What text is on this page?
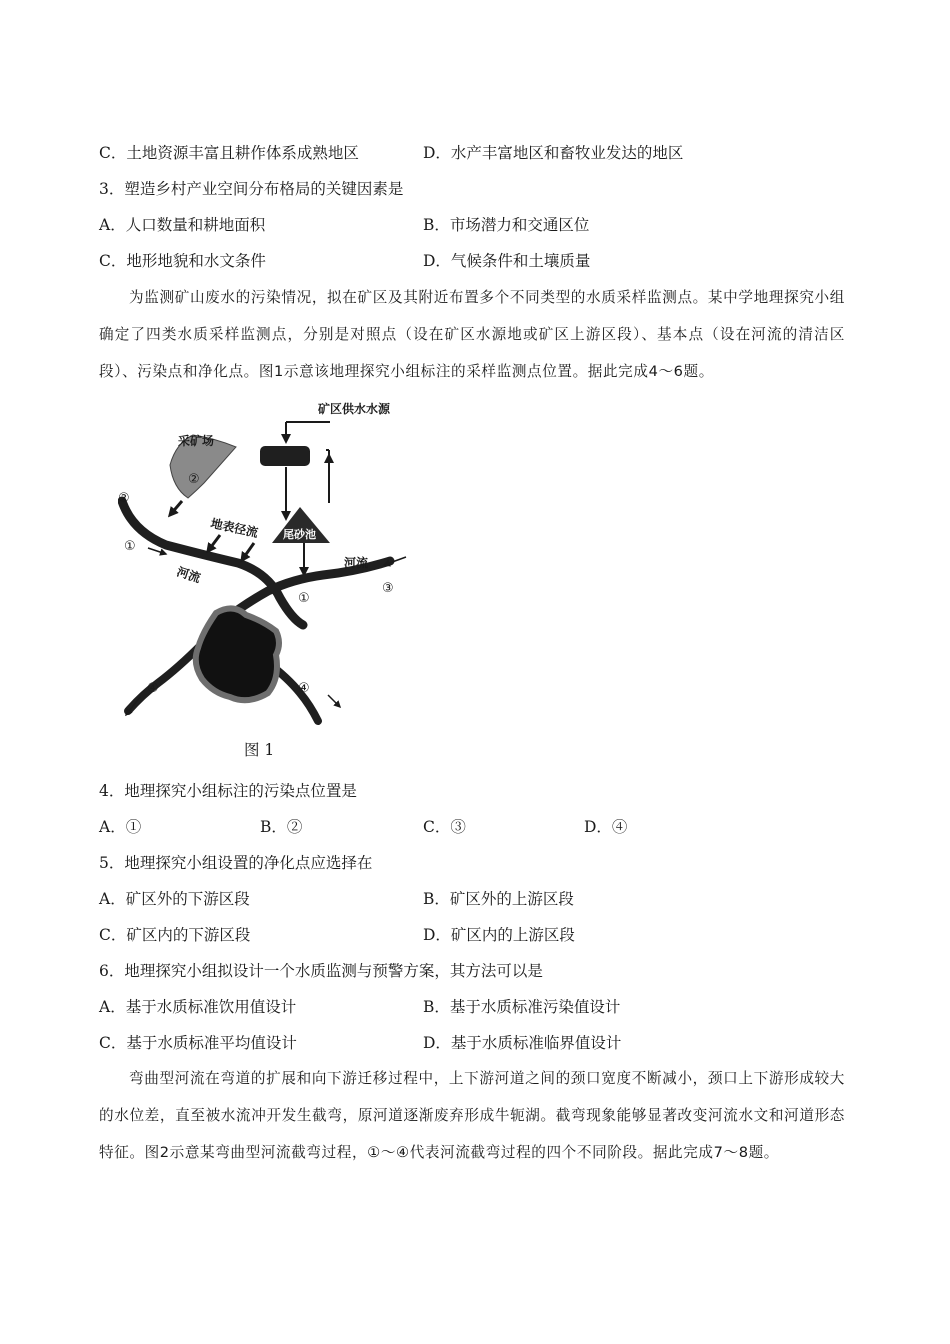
C．土地资源丰富且耕作体系成熟地区	D．水产丰富地区和畜牧业发达的地区
3．塑造乡村产业空间分布格局的关键因素是
A．人口数量和耕地面积	B．市场潜力和交通区位
C．地形地貌和水文条件	D．气候条件和土壤质量

为监测矿山废水的污染情况，拟在矿区及其附近布置多个不同类型的水质采样监测点。某中学地理探究小组确定了四类水质采样监测点，分别是对照点（设在矿区水源地或矿区上游区段）、基本点（设在河流的清洁区段）、污染点和净化点。图1示意该地理探究小组标注的采样监测点位置。据此完成4～6题。

采矿场
②
尾砂池
地表径流
矿区供水水源
河流
河流
②
①
①
③
④	④
图 1
4．地理探究小组标注的污染点位置是
A．①	B．②	C．③	D．④
5．地理探究小组设置的净化点应选择在
A．矿区外的下游区段	B．矿区外的上游区段
C．矿区内的下游区段	D．矿区内的上游区段
6．地理探究小组拟设计一个水质监测与预警方案，其方法可以是
A．基于水质标准饮用值设计	B．基于水质标准污染值设计
C．基于水质标准平均值设计	D．基于水质标准临界值设计

弯曲型河流在弯道的扩展和向下游迁移过程中，上下游河道之间的颈口宽度不断减小，颈口上下游形成较大的水位差，直至被水流冲开发生截弯，原河道逐渐废弃形成牛轭湖。截弯现象能够显著改变河流水文和河道形态特征。图2示意某弯曲型河流截弯过程，①～④代表河流截弯过程的四个不同阶段。据此完成7～8题。
